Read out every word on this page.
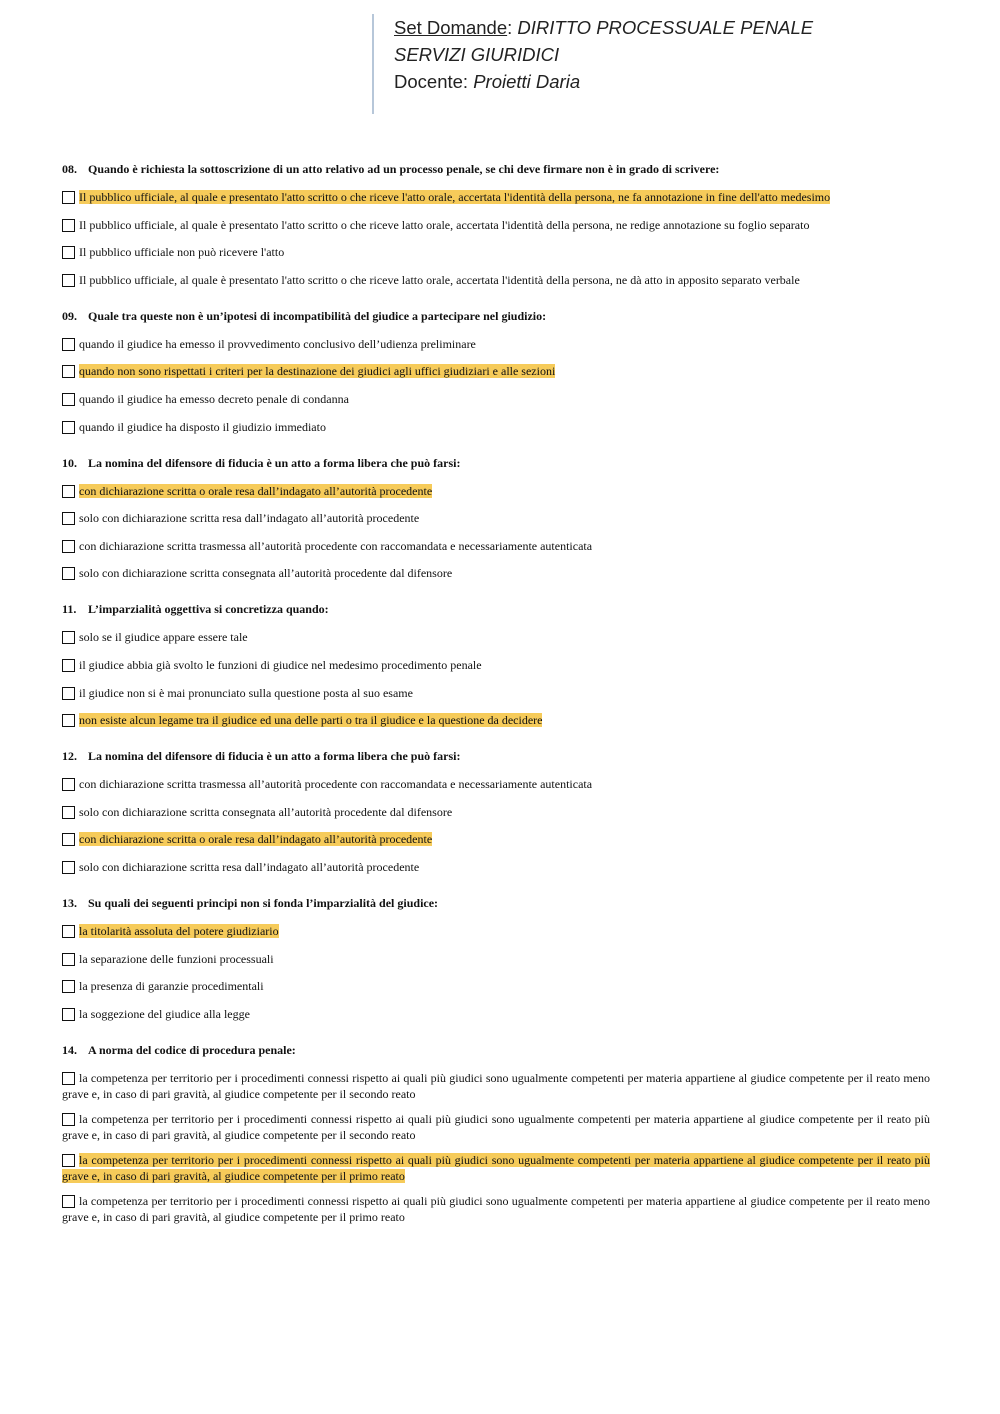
Set Domande: DIRITTO PROCESSUALE PENALE
SERVIZI GIURIDICI
Docente: Proietti Daria
08. Quando è richiesta la sottoscrizione di un atto relativo ad un processo penale, se chi deve firmare non è in grado di scrivere:
Il pubblico ufficiale, al quale e presentato l'atto scritto o che riceve l'atto orale, accertata l'identità della persona, ne fa annotazione in fine dell'atto medesimo
Il pubblico ufficiale, al quale è presentato l'atto scritto o che riceve latto orale, accertata l'identità della persona, ne redige annotazione su foglio separato
Il pubblico ufficiale non può ricevere l'atto
Il pubblico ufficiale, al quale è presentato l'atto scritto o che riceve latto orale, accertata l'identità della persona, ne dà atto in apposito separato verbale
09. Quale tra queste non è un’ipotesi di incompatibilità del giudice a partecipare nel giudizio:
quando il giudice ha emesso il provvedimento conclusivo dell’udienza preliminare
quando non sono rispettati i criteri per la destinazione dei giudici agli uffici giudiziari e alle sezioni
quando il giudice ha emesso decreto penale di condanna
quando il giudice ha disposto il giudizio immediato
10. La nomina del difensore di fiducia è un atto a forma libera che può farsi:
con dichiarazione scritta o orale resa dall’indagato all’autorità procedente
solo con dichiarazione scritta resa dall’indagato all’autorità procedente
con dichiarazione scritta trasmessa all’autorità procedente con raccomandata e necessariamente autenticata
solo con dichiarazione scritta consegnata all’autorità procedente dal difensore
11. L’imparzialità oggettiva si concretizza quando:
solo se il giudice appare essere tale
il giudice abbia già svolto le funzioni di giudice nel medesimo procedimento penale
il giudice non si è mai pronunciato sulla questione posta al suo esame
non esiste alcun legame tra il giudice ed una delle parti o tra il giudice e la questione da decidere
12. La nomina del difensore di fiducia è un atto a forma libera che può farsi:
con dichiarazione scritta trasmessa all’autorità procedente con raccomandata e necessariamente autenticata
solo con dichiarazione scritta consegnata all’autorità procedente dal difensore
con dichiarazione scritta o orale resa dall’indagato all’autorità procedente
solo con dichiarazione scritta resa dall’indagato all’autorità procedente
13. Su quali dei seguenti principi non si fonda l’imparzialità del giudice:
la titolarità assoluta del potere giudiziario
la separazione delle funzioni processuali
la presenza di garanzie procedimentali
la soggezione del giudice alla legge
14. A norma del codice di procedura penale:
la competenza per territorio per i procedimenti connessi rispetto ai quali più giudici sono ugualmente competenti per materia appartiene al giudice competente per il reato meno grave e, in caso di pari gravità, al giudice competente per il secondo reato
la competenza per territorio per i procedimenti connessi rispetto ai quali più giudici sono ugualmente competenti per materia appartiene al giudice competente per il reato più grave e, in caso di pari gravità, al giudice competente per il secondo reato
la competenza per territorio per i procedimenti connessi rispetto ai quali più giudici sono ugualmente competenti per materia appartiene al giudice competente per il reato più grave e, in caso di pari gravità, al giudice competente per il primo reato
la competenza per territorio per i procedimenti connessi rispetto ai quali più giudici sono ugualmente competenti per materia appartiene al giudice competente per il reato meno grave e, in caso di pari gravità, al giudice competente per il primo reato
